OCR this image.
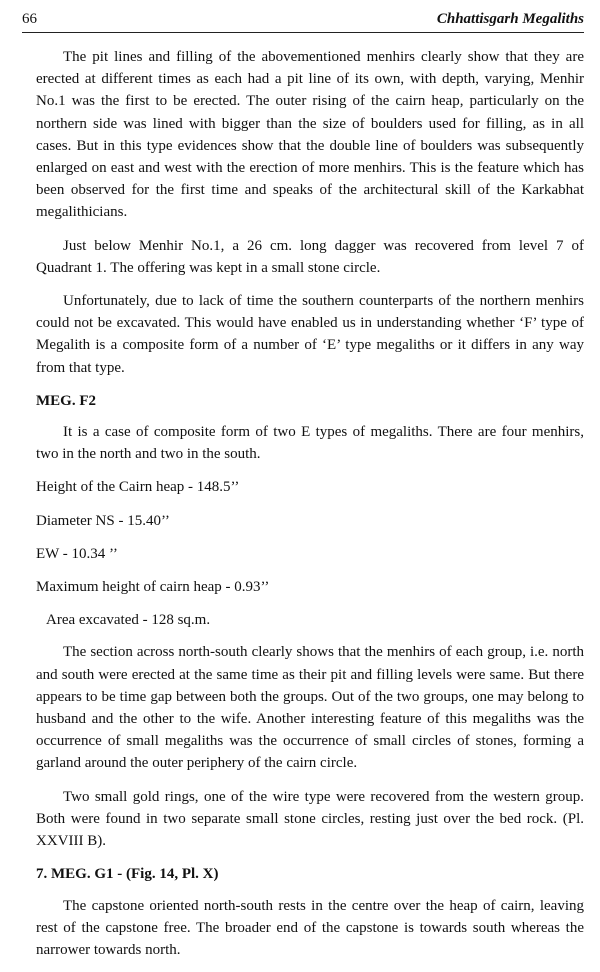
66	Chhattisgarh Megaliths

The pit lines and filling of the abovementioned menhirs clearly show that they are erected at different times as each had a pit line of its own, with depth, varying, Menhir No.1 was the first to be erected. The outer rising of the cairn heap, particularly on the northern side was lined with bigger than the size of boulders used for filling, as in all cases. But in this type evidences show that the double line of boulders was subsequently enlarged on east and west with the erection of more menhirs. This is the feature which has been observed for the first time and speaks of the architectural skill of the Karkabhat megalithicians.

Just below Menhir No.1, a 26 cm. long dagger was recovered from level 7 of Quadrant 1. The offering was kept in a small stone circle.

Unfortunately, due to lack of time the southern counterparts of the northern menhirs could not be excavated. This would have enabled us in understanding whether ‘F’ type of Megalith is a composite form of a number of ‘E’ type megaliths or it differs in any way from that type.

MEG. F2

It is a case of composite form of two E types of megaliths. There are four menhirs, two in the north and two in the south.

Height of the Cairn heap - 148.5’’

Diameter NS - 15.40’’

EW - 10.34 ’’

Maximum height of cairn heap - 0.93’’

Area excavated - 128 sq.m.

The section across north-south clearly shows that the menhirs of each group, i.e. north and south were erected at the same time as their pit and filling levels were same. But there appears to be time gap between both the groups. Out of the two groups, one may belong to husband and the other to the wife. Another interesting feature of this megaliths was the occurrence of small megaliths was the occurrence of small circles of stones, forming a garland around the outer periphery of the cairn circle.

Two small gold rings, one of the wire type were recovered from the western group. Both were found in two separate small stone circles, resting just over the bed rock. (Pl. XXVIII B).

7. MEG. G1 - (Fig. 14, Pl. X)

The capstone oriented north-south rests in the centre over the heap of cairn, leaving rest of the capstone free. The broader end of the capstone is towards south whereas the narrower towards north.
